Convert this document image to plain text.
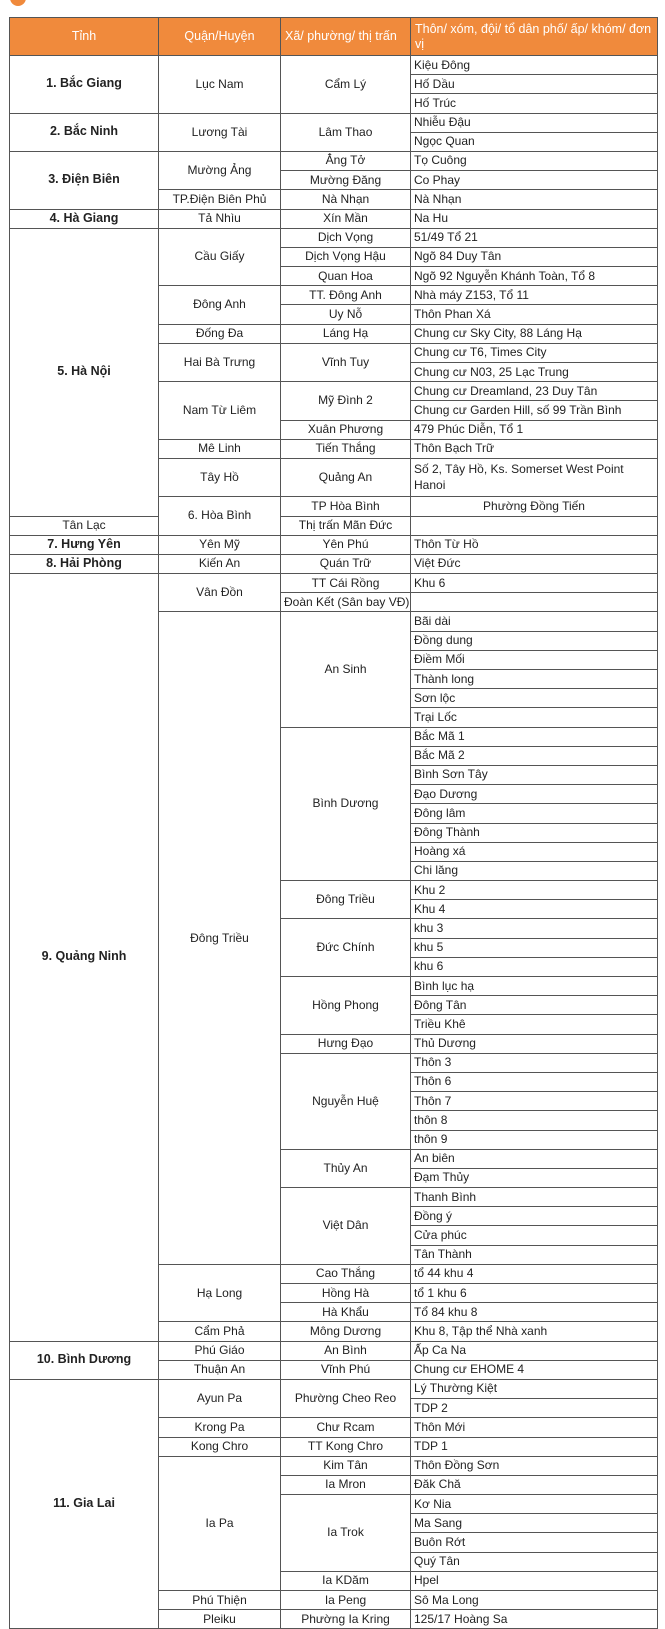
Tỉnh	Quận/Huyện	Xã/ phường/ thị trấn	Thôn/ xóm, đội/ tổ dân phố/ ấp/ khóm/ đơn vị	
1. Bắc Giang	Lục Nam	Cẩm Lý	Kiệu Đông	
			Hố Dầu	
			Hố Trúc	
2. Bắc Ninh	Lương Tài	Lâm Thao	Nhiễu Đậu	
			Ngọc Quan	
3. Điện Biên	Mường Ảng	Ẳng Tở	Tọ Cuông	
		Mường Đăng	Co Phay	
	TP.Điện Biên Phủ	Nà Nhạn	Nà Nhạn	
4. Hà Giang	Tả Nhìu	Xín Mần	Na Hu	
5. Hà Nội	Cầu Giấy	Dịch Vọng	51/49 Tổ 21	
		Dịch Vọng Hậu	Ngõ 84 Duy Tân	
		Quan Hoa	Ngõ 92 Nguyễn Khánh Toàn, Tổ 8	
	Đông Anh	TT. Đông Anh	Nhà máy Z153, Tổ 11	
		Uy Nỗ	Thôn Phan Xá	
	Đống Đa	Láng Hạ	Chung cư Sky City, 88 Láng Hạ	
	Hai Bà Trưng	Vĩnh Tuy	Chung cư T6, Times City	
			Chung cư N03, 25 Lạc Trung	
	Nam Từ Liêm	Mỹ Đình 2	Chung cư Dreamland, 23 Duy Tân	
			Chung cư Garden Hill, số 99 Trần Bình	
		Xuân Phương	479 Phúc Diễn, Tổ 1	
	Mê Linh	Tiến Thắng	Thôn Bạch Trữ	
	Tây Hồ	Quảng An	Số 2, Tây Hồ, Ks. Somerset West Point Hanoi	
	6. Hòa Bình	TP Hòa Bình	Phường Đồng Tiến	
Tân Lạc		Thị trấn Mãn Đức		
7. Hưng Yên	Yên Mỹ	Yên Phú	Thôn Từ Hồ	
8. Hải Phòng	Kiến An	Quán Trữ	Việt Đức	
9. Quảng Ninh	Vân Đồn	TT Cái Rồng	Khu 6	
		Đoàn Kết (Sân bay VĐ)		
	Đông Triều	An Sinh	Bãi dài	
			Đồng dung	
			Điềm Mối	
			Thành long	
			Sơn lộc	
			Trại Lốc	
		Bình Dương	Bắc Mã 1	
			Bắc Mã 2	
			Bình Sơn Tây	
			Đạo Dương	
			Đông lâm	
			Đông Thành	
			Hoàng xá	
			Chi lăng	
		Đông Triều	Khu 2	
			Khu 4	
		Đức Chính	khu 3	
			khu 5	
			khu 6	
		Hồng Phong	Bình lục hạ	
			Đông Tân	
			Triều Khê	
		Hưng Đạo	Thủ Dương	
		Nguyễn Huệ	Thôn 3	
			Thôn 6	
			Thôn 7	
			thôn 8	
			thôn 9	
		Thủy An	An biên	
			Đạm Thủy	
		Việt Dân	Thanh Bình	
			Đồng ý	
			Cửa phúc	
			Tân Thành	
	Hạ Long	Cao Thắng	tổ 44 khu 4	
		Hồng Hà	tổ 1 khu 6	
		Hà Khẩu	Tổ 84 khu 8	
	Cẩm Phả	Mông Dương	Khu 8, Tập thể Nhà xanh	
10. Bình Dương	Phú Giáo	An Bình	Ấp Ca Na	
	Thuận An	Vĩnh Phú	Chung cư EHOME 4	
11. Gia Lai	Ayun Pa	Phường Cheo Reo	Lý Thường Kiệt	
			TDP 2	
	Krong Pa	Chư Rcam	Thôn Mới	
	Kong Chro	TT Kong Chro	TDP 1	
	Ia Pa	Kim Tân	Thôn Đồng Sơn	
		Ia Mron	Đăk Chă	
		Ia Trok	Kơ Nia	
			Ma Sang	
			Buôn Rớt	
			Quý Tân	
		Ia KDăm	Hpel	
	Phú Thiện	Ia Peng	Sô Ma Long	
	Pleiku	Phường Ia Kring	125/17 Hoàng Sa	
